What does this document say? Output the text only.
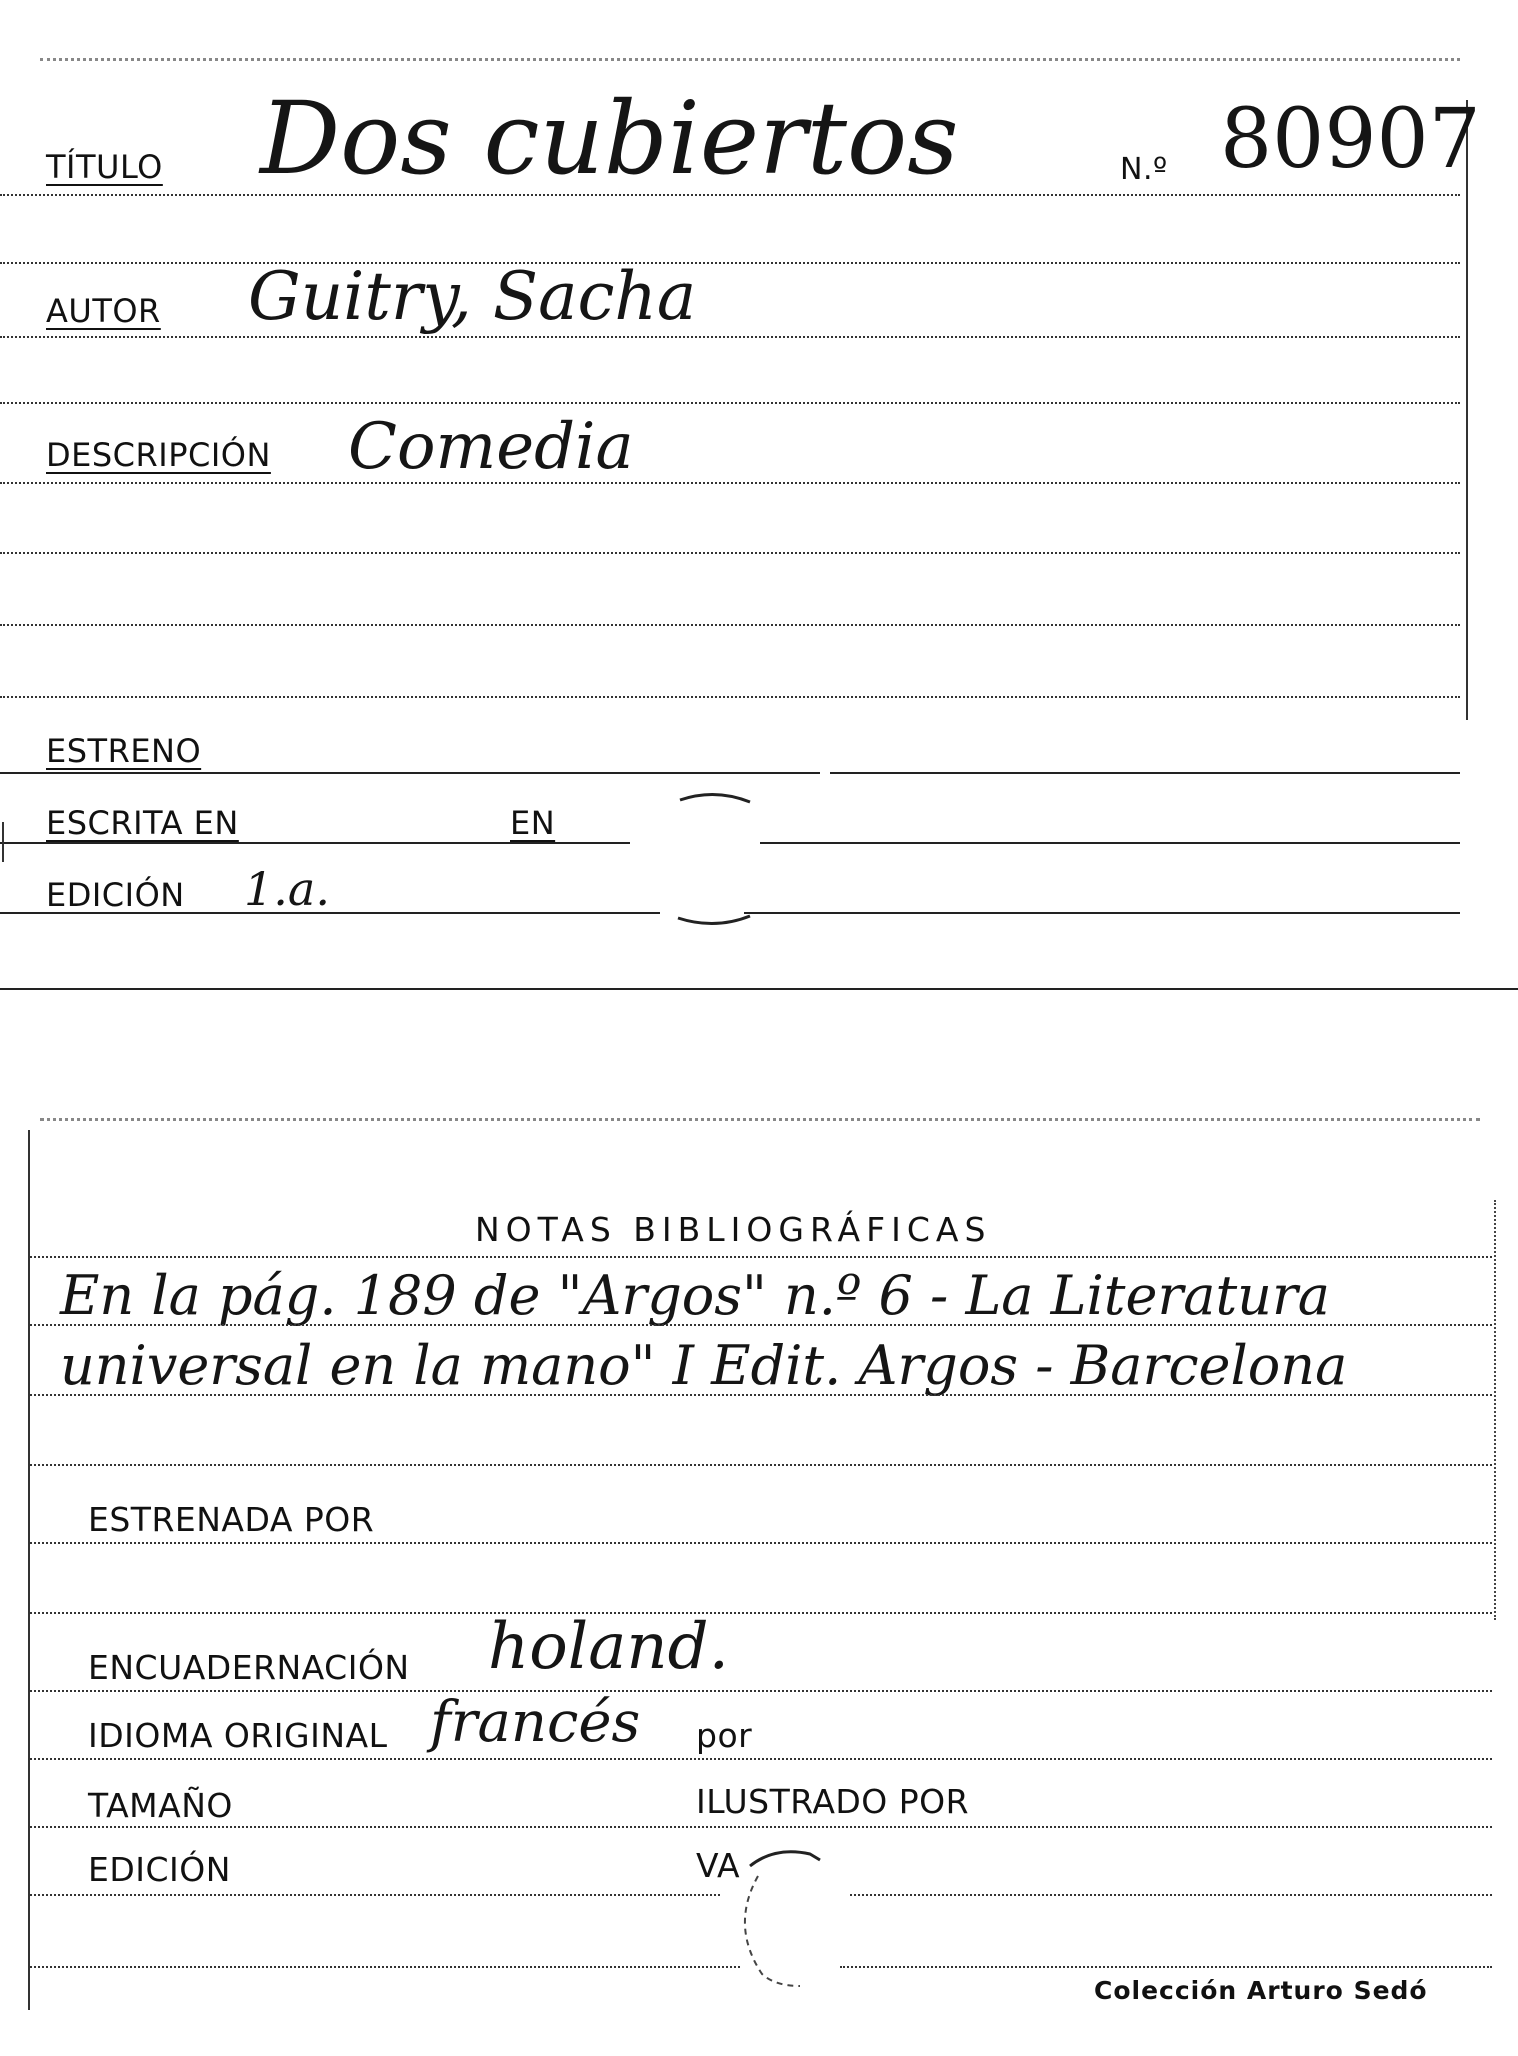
TÍTULO Dos cubiertos	N.º 80907
AUTOR Guitry, Sacha
DESCRIPCIÓN Comedia
ESTRENO
ESCRITA EN	EN
EDICIÓN 1.a.
NOTAS BIBLIOGRÁFICAS
En la pág. 189 de "Argos" n.º 6 - La Literatura
universal en la mano" I Edit. Argos - Barcelona
ESTRENADA POR
ENCUADERNACIÓN holand.
IDIOMA ORIGINAL francés por
TAMAÑO	ILUSTRADO POR
EDICIÓN	VA
Colección Arturo Sedó
